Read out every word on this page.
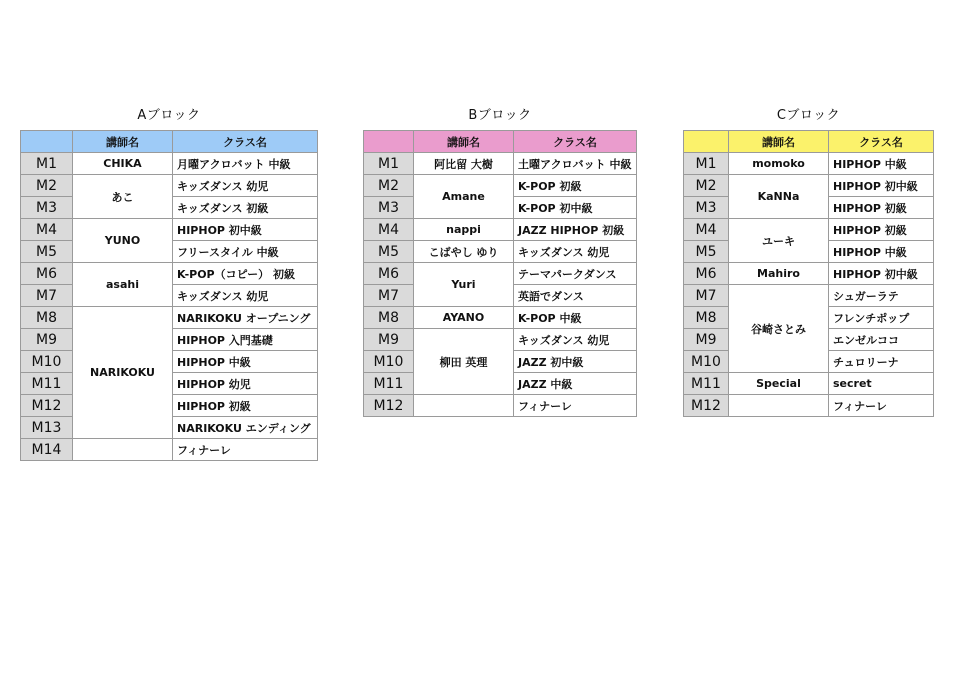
Aブロック
	講師名	クラス名
M1	CHIKA	月曜アクロバット 中級
M2	あこ	キッズダンス 幼児
M3		キッズダンス 初級
M4	YUNO	HIPHOP 初中級
M5		フリースタイル 中級
M6	asahi	K-POP（コピー） 初級
M7		キッズダンス 幼児
M8	NARIKOKU	NARIKOKU オープニング
M9		HIPHOP 入門基礎
M10		HIPHOP 中級
M11		HIPHOP 幼児
M12		HIPHOP 初級
M13		NARIKOKU エンディング
M14		フィナーレ
Bブロック
	講師名	クラス名
M1	阿比留 大樹	土曜アクロバット 中級
M2	Amane	K-POP 初級
M3		K-POP 初中級
M4	nappi	JAZZ HIPHOP 初級
M5	こばやし ゆり	キッズダンス 幼児
M6	Yuri	テーマパークダンス
M7		英語でダンス
M8	AYANO	K-POP 中級
M9	柳田 英理	キッズダンス 幼児
M10		JAZZ 初中級
M11		JAZZ 中級
M12		フィナーレ
Cブロック
	講師名	クラス名
M1	momoko	HIPHOP 中級
M2	KaNNa	HIPHOP 初中級
M3		HIPHOP 初級
M4	ユーキ	HIPHOP 初級
M5		HIPHOP 中級
M6	Mahiro	HIPHOP 初中級
M7	谷崎さとみ	シュガーラテ
M8		フレンチポップ
M9		エンゼルココ
M10		チュロリーナ
M11	Special	secret
M12		フィナーレ
